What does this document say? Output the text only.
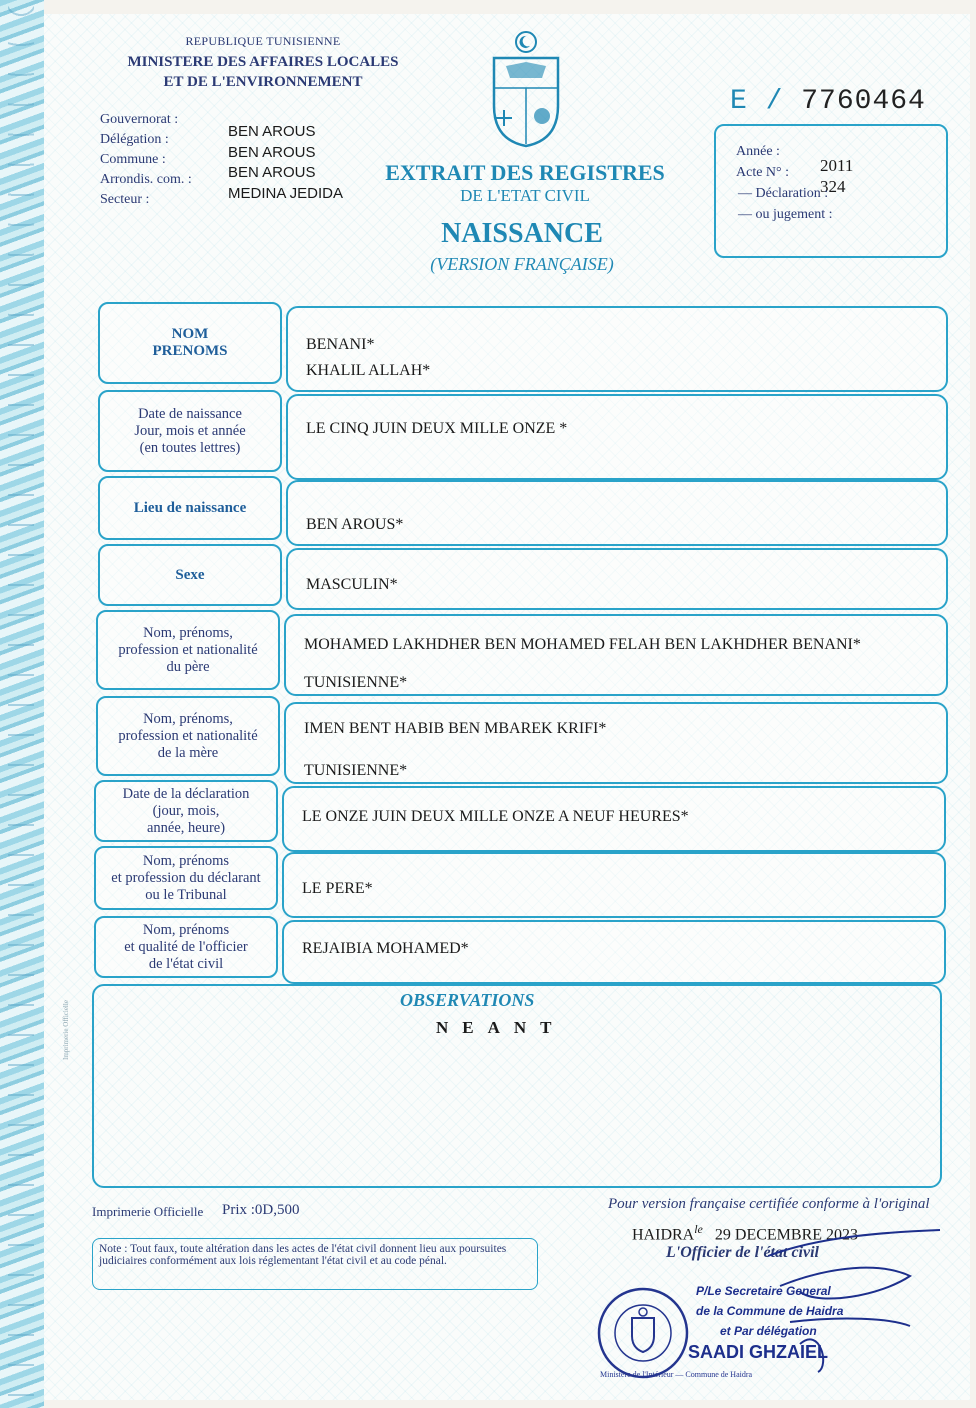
REPUBLIQUE TUNISIENNE
MINISTERE DES AFFAIRES LOCALES
ET DE L'ENVIRONNEMENT
Gouvernorat :
Délégation :
Commune :
Arrondis. com. :
Secteur :
BEN AROUS
BEN AROUS
BEN AROUS
MEDINA JEDIDA
EXTRAIT DES REGISTRES
DE L'ETAT CIVIL
NAISSANCE
(VERSION FRANÇAISE)
E / 7760464
Année :
2011
Acte N° :
324
— Déclaration :
— ou jugement :
NOM
PRENOMS	BENANI*
KHALIL ALLAH*
Date de naissance
Jour, mois et année
(en toutes lettres)
LE CINQ JUIN DEUX MILLE ONZE *
Lieu de naissance
BEN AROUS*
Sexe
MASCULIN*
Nom, prénoms,
profession et nationalité
du père
MOHAMED LAKHDHER BEN MOHAMED FELAH BEN LAKHDHER BENANI*
TUNISIENNE*
Nom, prénoms,
profession et nationalité
de la mère
IMEN BENT HABIB BEN MBAREK KRIFI*
TUNISIENNE*
Date de la déclaration
(jour, mois,
année, heure)
LE ONZE JUIN DEUX MILLE ONZE A NEUF HEURES*
Nom, prénoms
et profession du déclarant
ou le Tribunal	LE PERE*
Nom, prénoms
et qualité de l'officier
de l'état civil
REJAIBIA MOHAMED*
OBSERVATIONS
NEANT
Imprimerie Officielle
Imprimerie Officielle Prix :0D,500
Note : Tout faux, toute altération dans les actes de l'état civil donnent lieu aux poursuites judiciaires conformément aux lois réglementant l'état civil et au code pénal.
Pour version française certifiée conforme à l'original
$HAIDRA^{le}$ 29 DECEMBRE 2023
L'Officier de l'état civil
Ministère de l'Intérieur — Commune de Haidra
P/Le Secretaire General
de la Commune de Haidra
et Par délégation
SAADI GHZAIEL
